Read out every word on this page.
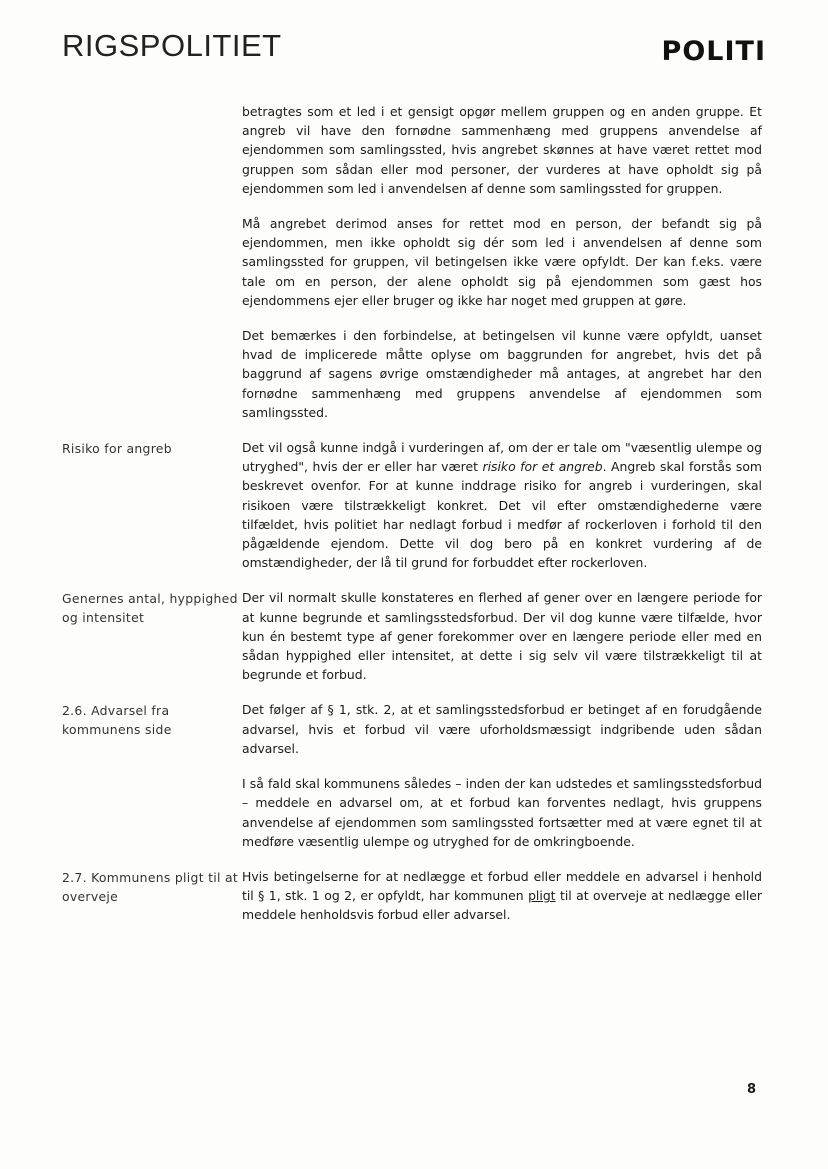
RIGSPOLITIET	POLITI

betragtes som et led i et gensigt opgør mellem gruppen og en anden gruppe. Et angreb vil have den fornødne sammenhæng med gruppens anvendelse af ejendommen som samlingssted, hvis angrebet skønnes at have været rettet mod gruppen som sådan eller mod personer, der vurderes at have opholdt sig på ejendommen som led i anvendelsen af denne som samlingssted for gruppen.

Må angrebet derimod anses for rettet mod en person, der befandt sig på ejendommen, men ikke opholdt sig dér som led i anvendelsen af denne som samlingssted for gruppen, vil betingelsen ikke være opfyldt. Der kan f.eks. være tale om en person, der alene opholdt sig på ejendommen som gæst hos ejendommens ejer eller bruger og ikke har noget med gruppen at gøre.

Det bemærkes i den forbindelse, at betingelsen vil kunne være opfyldt, uanset hvad de implicerede måtte oplyse om baggrunden for angrebet, hvis det på baggrund af sagens øvrige omstændigheder må antages, at angrebet har den fornødne sammenhæng med gruppens anvendelse af ejendommen som samlingssted.

Risiko for angreb	Det vil også kunne indgå i vurderingen af, om der er tale om "væsentlig ulempe og utryghed", hvis der er eller har været risiko for et angreb. Angreb skal forstås som beskrevet ovenfor. For at kunne inddrage risiko for angreb i vurderingen, skal risikoen være tilstrækkeligt konkret. Det vil efter omstændighederne være tilfældet, hvis politiet har nedlagt forbud i medfør af rockerloven i forhold til den pågældende ejendom. Dette vil dog bero på en konkret vurdering af de omstændigheder, der lå til grund for forbuddet efter rockerloven.

Genernes antal, hyppighed og intensitet

Der vil normalt skulle konstateres en flerhed af gener over en længere periode for at kunne begrunde et samlingsstedsforbud. Der vil dog kunne være tilfælde, hvor kun én bestemt type af gener forekommer over en længere periode eller med en sådan hyppighed eller intensitet, at dette i sig selv vil være tilstrækkeligt til at begrunde et forbud.

2.6. Advarsel fra kommunens side

Det følger af § 1, stk. 2, at et samlingsstedsforbud er betinget af en forudgående advarsel, hvis et forbud vil være uforholdsmæssigt indgribende uden sådan advarsel.

I så fald skal kommunens således – inden der kan udstedes et samlingsstedsforbud – meddele en advarsel om, at et forbud kan forventes nedlagt, hvis gruppens anvendelse af ejendommen som samlingssted fortsætter med at være egnet til at medføre væsentlig ulempe og utryghed for de omkringboende.

2.7. Kommunens pligt til at overveje

Hvis betingelserne for at nedlægge et forbud eller meddele en advarsel i henhold til § 1, stk. 1 og 2, er opfyldt, har kommunen pligt til at overveje at nedlægge eller meddele henholdsvis forbud eller advarsel.

8
